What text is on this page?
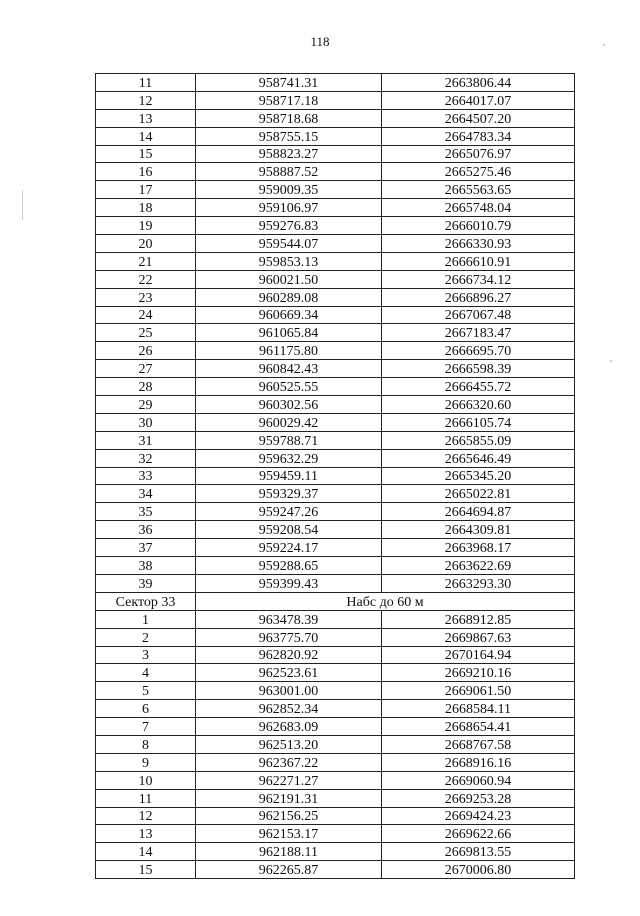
118
11	958741.31	2663806.44
12	958717.18	2664017.07
13	958718.68	2664507.20
14	958755.15	2664783.34
15	958823.27	2665076.97
16	958887.52	2665275.46
17	959009.35	2665563.65
18	959106.97	2665748.04
19	959276.83	2666010.79
20	959544.07	2666330.93
21	959853.13	2666610.91
22	960021.50	2666734.12
23	960289.08	2666896.27
24	960669.34	2667067.48
25	961065.84	2667183.47
26	961175.80	2666695.70
27	960842.43	2666598.39
28	960525.55	2666455.72
29	960302.56	2666320.60
30	960029.42	2666105.74
31	959788.71	2665855.09
32	959632.29	2665646.49
33	959459.11	2665345.20
34	959329.37	2665022.81
35	959247.26	2664694.87
36	959208.54	2664309.81
37	959224.17	2663968.17
38	959288.65	2663622.69
39	959399.43	2663293.30
Сектор 33	Набс до 60 м	
1	963478.39	2668912.85
2	963775.70	2669867.63
3	962820.92	2670164.94
4	962523.61	2669210.16
5	963001.00	2669061.50
6	962852.34	2668584.11
7	962683.09	2668654.41
8	962513.20	2668767.58
9	962367.22	2668916.16
10	962271.27	2669060.94
11	962191.31	2669253.28
12	962156.25	2669424.23
13	962153.17	2669622.66
14	962188.11	2669813.55
15	962265.87	2670006.80
